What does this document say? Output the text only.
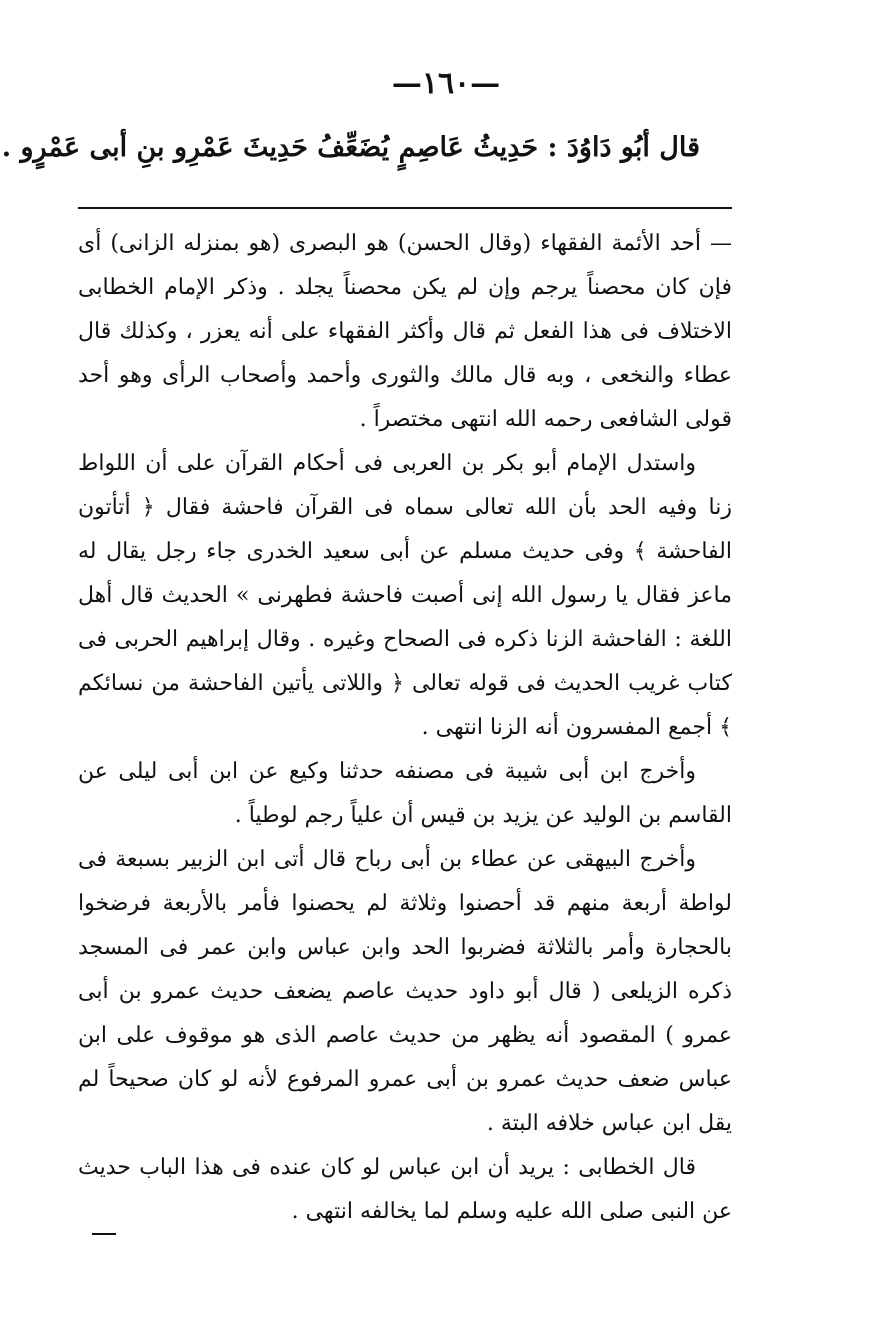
—١٦٠—
قال أبُو دَاوُدَ : حَدِيثُ عَاصِمٍ يُضَعِّفُ حَدِيثَ عَمْرِو بنِ أبى عَمْرٍو .

— أحد الأئمة الفقهاء (وقال الحسن) هو البصرى (هو بمنزله الزانى) أى فإن كان محصناً يرجم وإن لم يكن محصناً يجلد . وذكر الإمام الخطابى الاختلاف فى هذا الفعل ثم قال وأكثر الفقهاء على أنه يعزر ، وكذلك قال عطاء والنخعى ، وبه قال مالك والثورى وأحمد وأصحاب الرأى وهو أحد قولى الشافعى رحمه الله انتهى مختصراً .

واستدل الإمام أبو بكر بن العربى فى أحكام القرآن على أن اللواط زنا وفيه الحد بأن الله تعالى سماه فى القرآن فاحشة فقال ﴿ أتأتون الفاحشة ﴾ وفى حديث مسلم عن أبى سعيد الخدرى جاء رجل يقال له ماعز فقال يا رسول الله إنى أصبت فاحشة فطهرنى » الحديث قال أهل اللغة : الفاحشة الزنا ذكره فى الصحاح وغيره . وقال إبراهيم الحربى فى كتاب غريب الحديث فى قوله تعالى ﴿ واللاتى يأتين الفاحشة من نسائكم ﴾ أجمع المفسرون أنه الزنا انتهى .

وأخرج ابن أبى شيبة فى مصنفه حدثنا وكيع عن ابن أبى ليلى عن القاسم بن الوليد عن يزيد بن قيس أن علياً رجم لوطياً .

وأخرج البيهقى عن عطاء بن أبى رباح قال أتى ابن الزبير بسبعة فى لواطة أربعة منهم قد أحصنوا وثلاثة لم يحصنوا فأمر بالأربعة فرضخوا بالحجارة وأمر بالثلاثة فضربوا الحد وابن عباس وابن عمر فى المسجد ذكره الزيلعى ( قال أبو داود حديث عاصم يضعف حديث عمرو بن أبى عمرو ) المقصود أنه يظهر من حديث عاصم الذى هو موقوف على ابن عباس ضعف حديث عمرو بن أبى عمرو المرفوع لأنه لو كان صحيحاً لم يقل ابن عباس خلافه البتة .

قال الخطابى : يريد أن ابن عباس لو كان عنده فى هذا الباب حديث عن النبى صلى الله عليه وسلم لما يخالفه انتهى .
